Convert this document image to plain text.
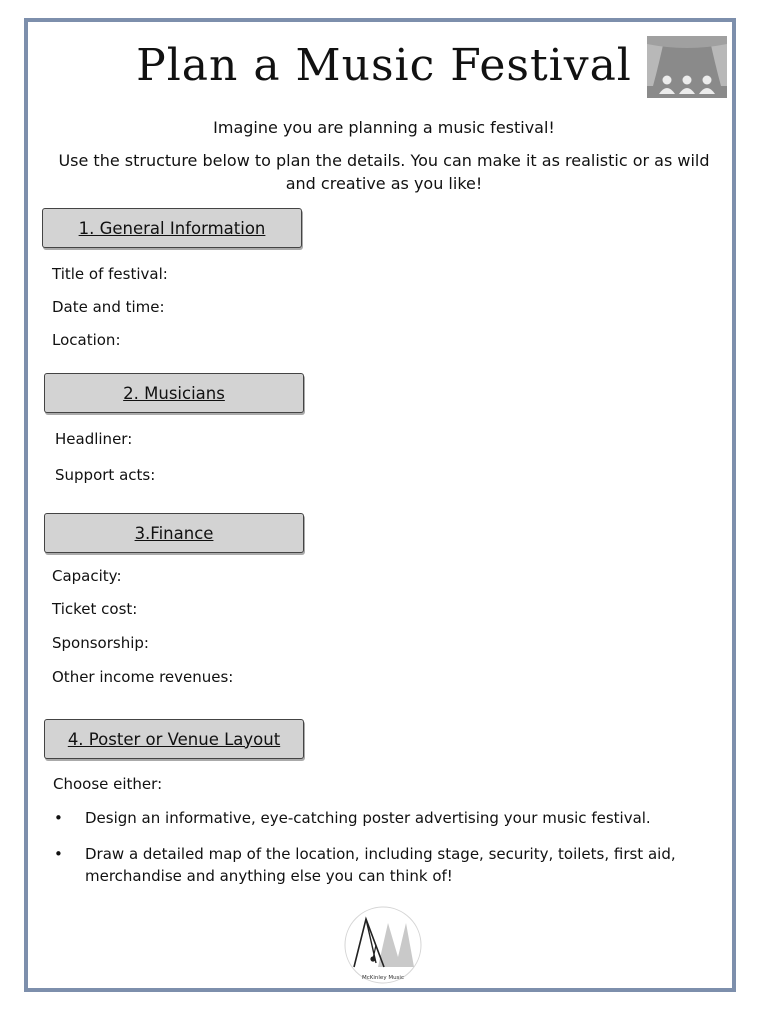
Plan a Music Festival
Imagine you are planning a music festival!
Use the structure below to plan the details. You can make it as realistic or as wild and creative as you like!
1. General Information
Title of festival:
Date and time:
Location:
2. Musicians
Headliner:
Support acts:
3.Finance
Capacity:
Ticket cost:
Sponsorship:
Other income revenues:
4. Poster or Venue Layout
Choose either:
• Design an informative, eye-catching poster advertising your music festival.
• Draw a detailed map of the location, including stage, security, toilets, first aid, merchandise and anything else you can think of!
McKinley Music
